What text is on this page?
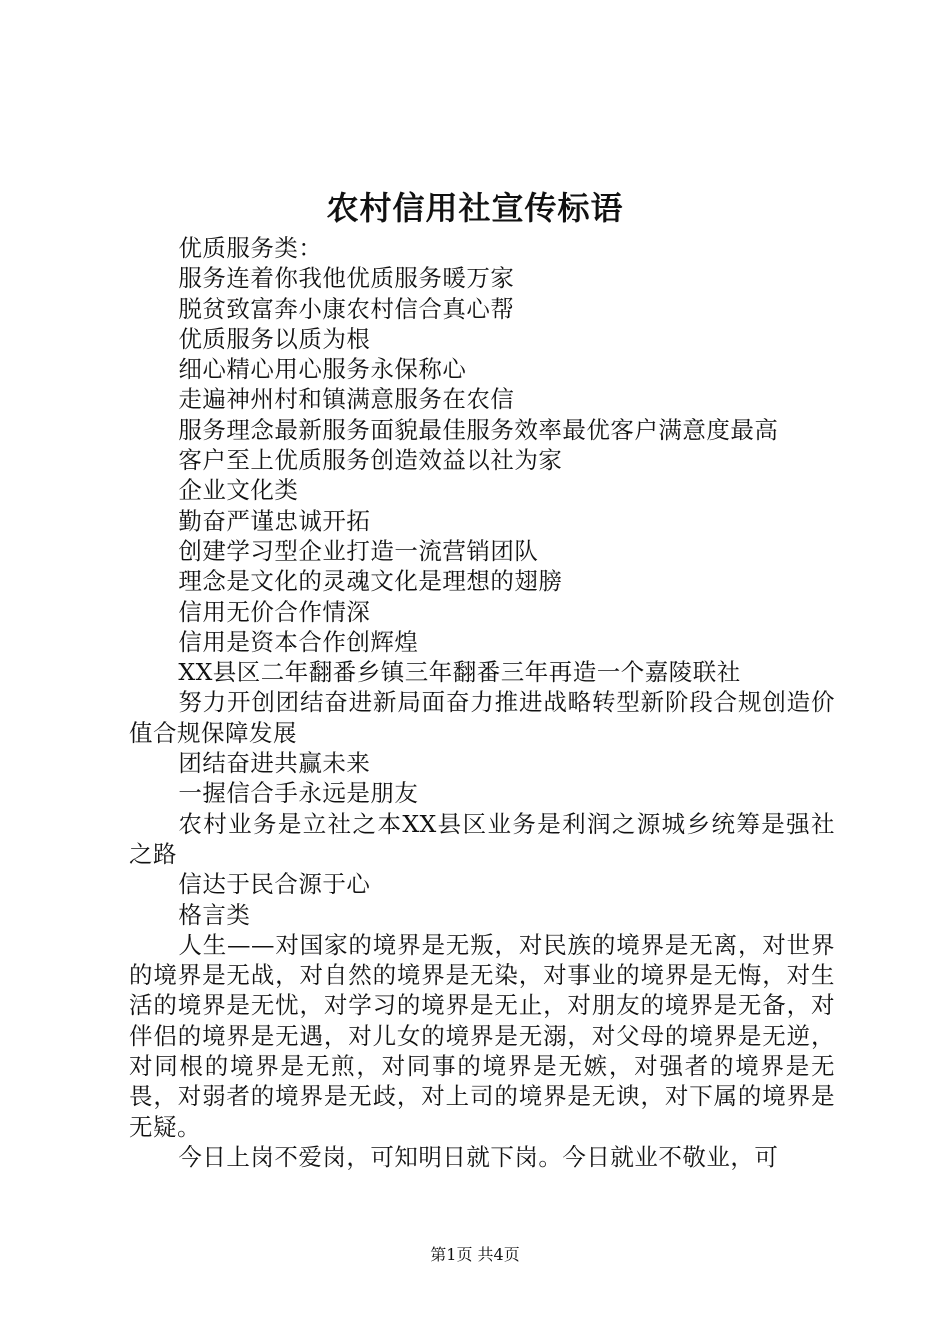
农村信用社宣传标语

优质服务类：

服务连着你我他优质服务暖万家

脱贫致富奔小康农村信合真心帮

优质服务以质为根

细心精心用心服务永保称心

走遍神州村和镇满意服务在农信

服务理念最新服务面貌最佳服务效率最优客户满意度最高

客户至上优质服务创造效益以社为家

企业文化类

勤奋严谨忠诚开拓

创建学习型企业打造一流营销团队

理念是文化的灵魂文化是理想的翅膀

信用无价合作情深

信用是资本合作创辉煌

XX县区二年翻番乡镇三年翻番三年再造一个嘉陵联社

努力开创团结奋进新局面奋力推进战略转型新阶段合规创造价值合规保障发展

团结奋进共赢未来

一握信合手永远是朋友

农村业务是立社之本XX县区业务是利润之源城乡统筹是强社之路

信达于民合源于心

格言类

人生——对国家的境界是无叛，对民族的境界是无离，对世界的境界是无战，对自然的境界是无染，对事业的境界是无悔，对生活的境界是无忧，对学习的境界是无止，对朋友的境界是无备，对伴侣的境界是无遇，对儿女的境界是无溺，对父母的境界是无逆，对同根的境界是无煎，对同事的境界是无嫉，对强者的境界是无畏，对弱者的境界是无歧，对上司的境界是无谀，对下属的境界是无疑。

今日上岗不爱岗，可知明日就下岗。今日就业不敬业，可

第1页 共4页
